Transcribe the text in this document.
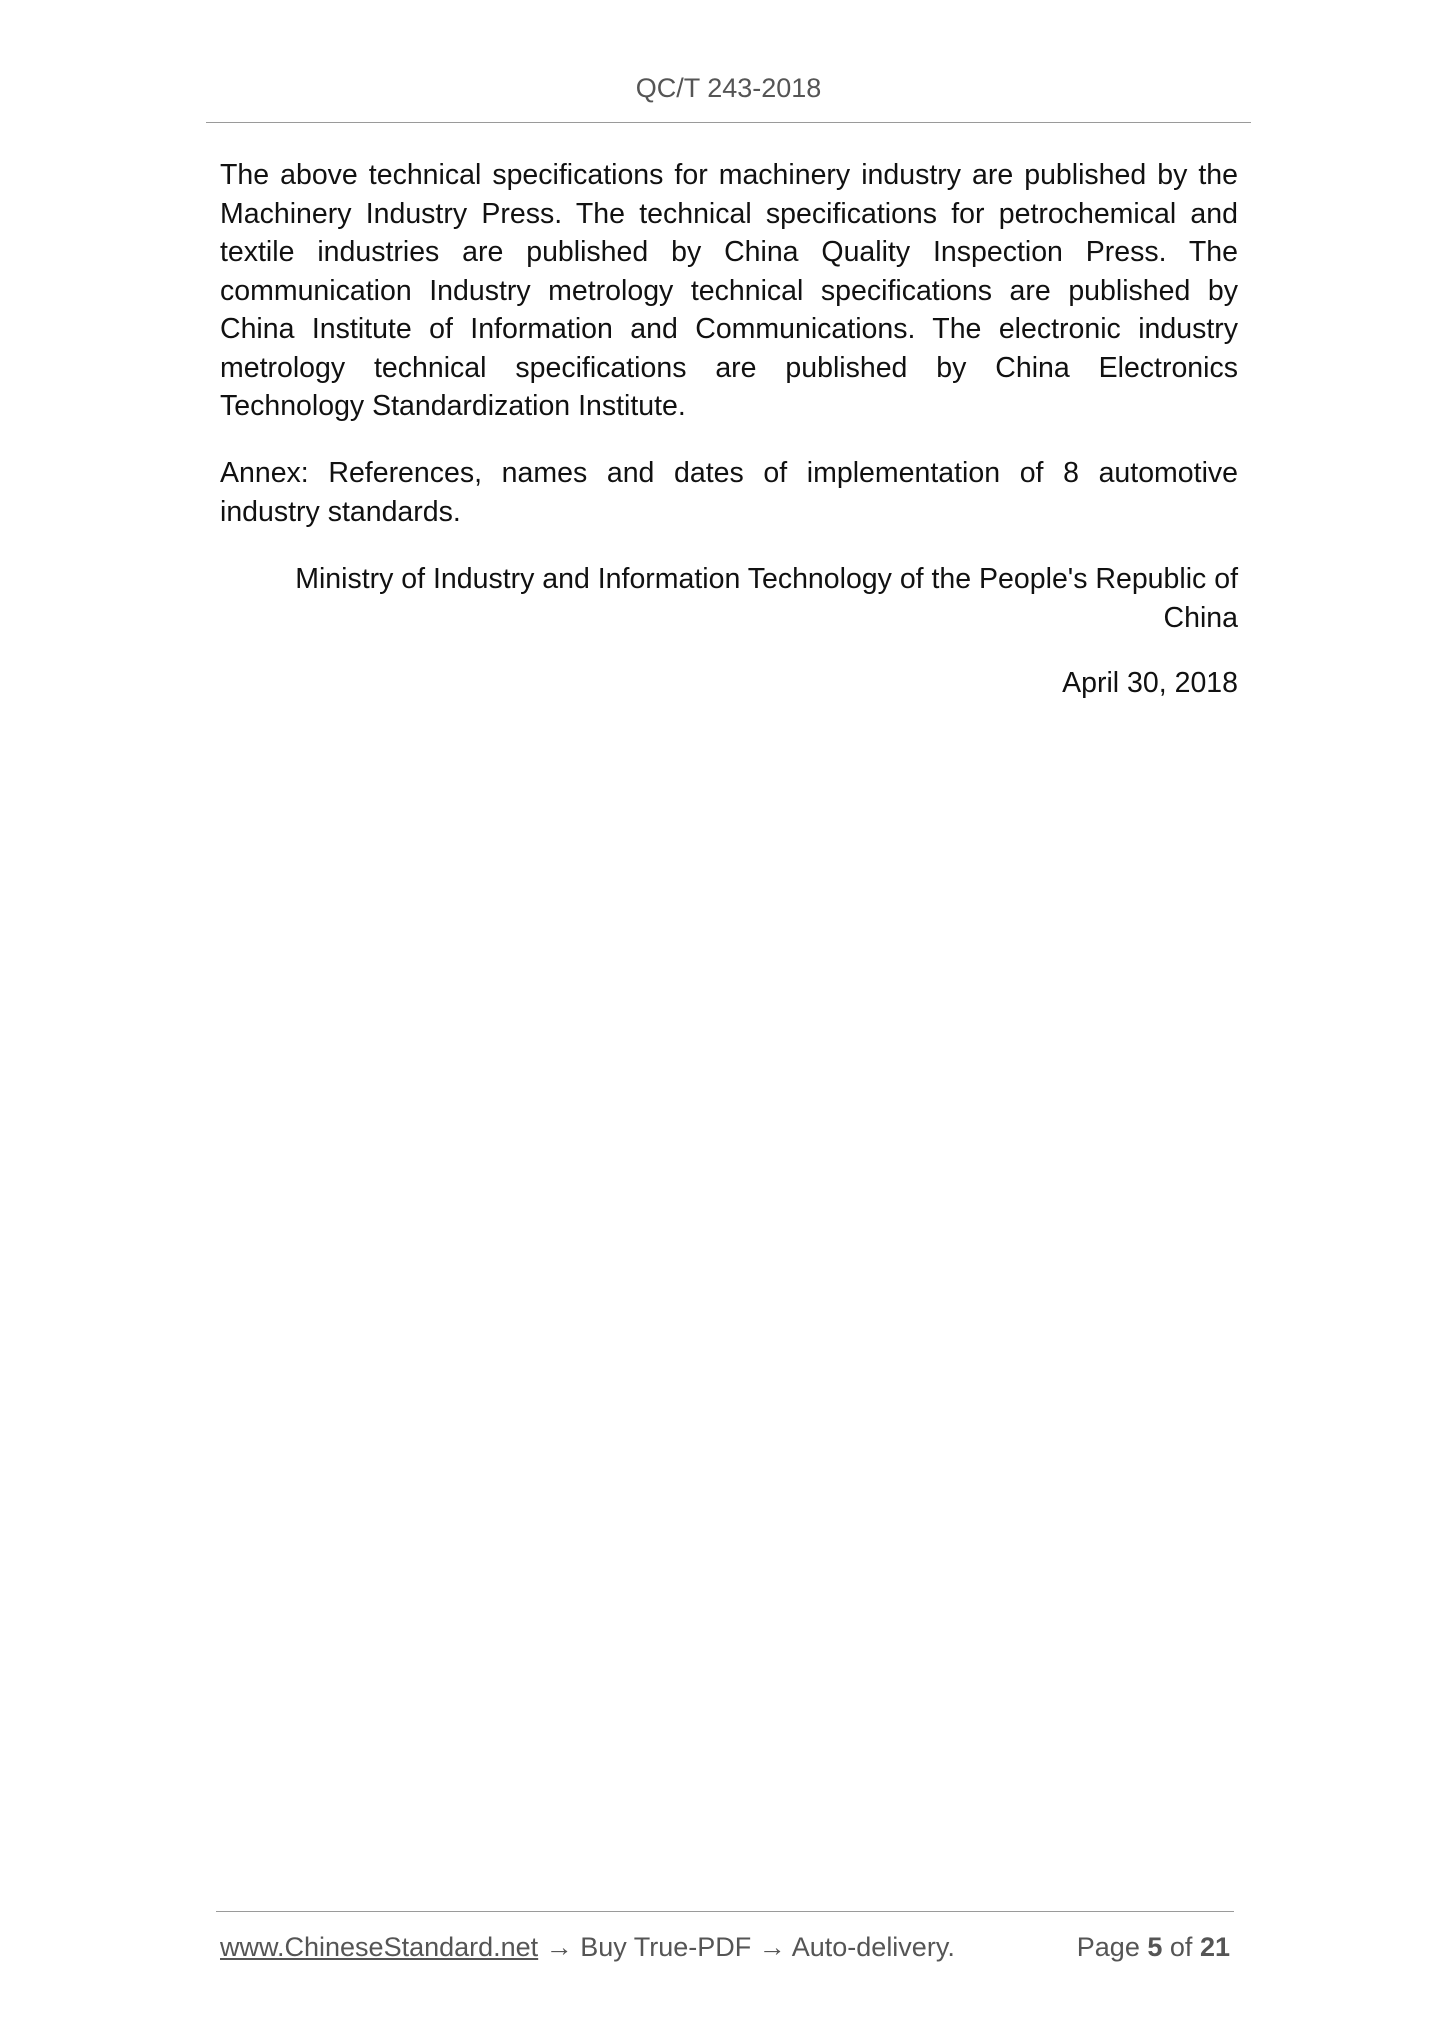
QC/T 243-2018
The above technical specifications for machinery industry are published by the Machinery Industry Press. The technical specifications for petrochemical and textile industries are published by China Quality Inspection Press. The communication Industry metrology technical specifications are published by China Institute of Information and Communications. The electronic industry metrology technical specifications are published by China Electronics Technology Standardization Institute.
Annex: References, names and dates of implementation of 8 automotive industry standards.
Ministry of Industry and Information Technology of the People's Republic of
China
April 30, 2018
www.ChineseStandard.net → Buy True-PDF → Auto-delivery.	Page 5 of 21
